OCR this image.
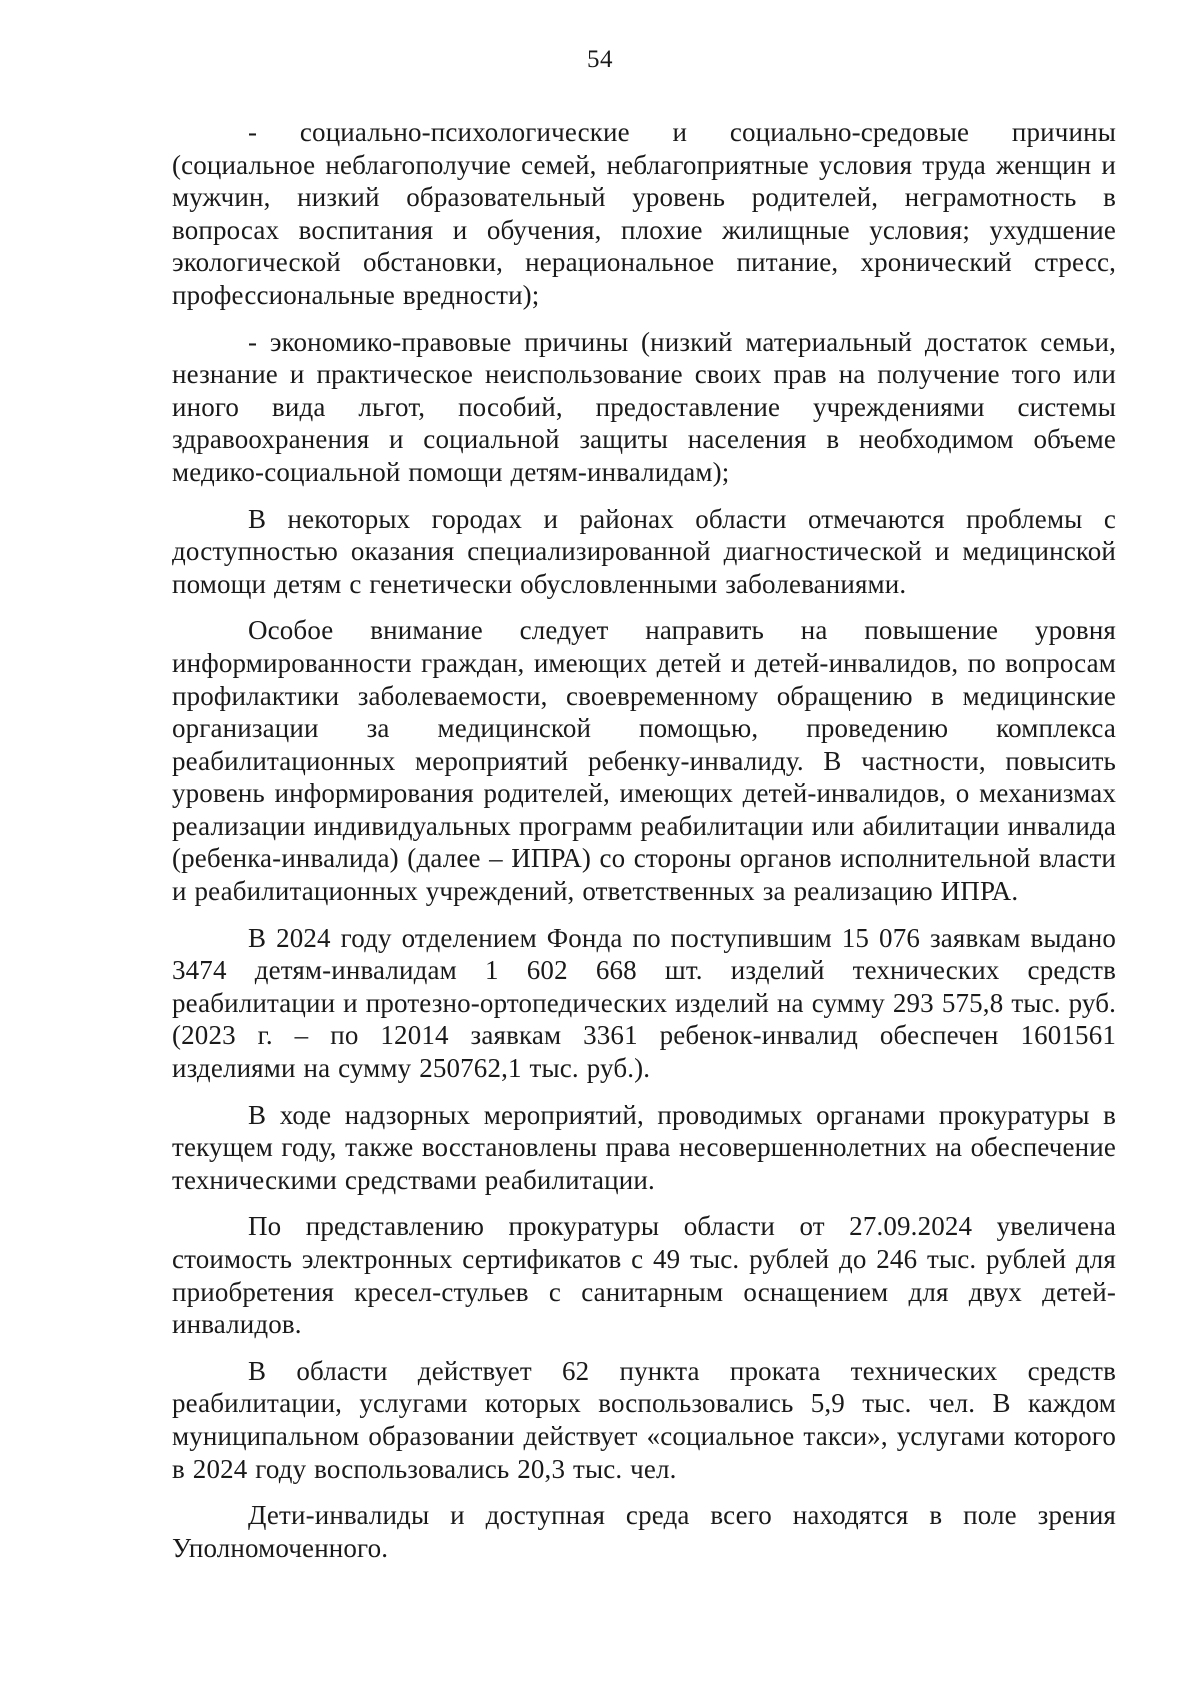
54

- социально-психологические и социально-средовые причины (социальное неблагополучие семей, неблагоприятные условия труда женщин и мужчин, низкий образовательный уровень родителей, неграмотность в вопросах воспитания и обучения, плохие жилищные условия; ухудшение экологической обстановки, нерациональное питание, хронический стресс, профессиональные вредности);

- экономико-правовые причины (низкий материальный достаток семьи, незнание и практическое неиспользование своих прав на получение того или иного вида льгот, пособий, предоставление учреждениями системы здравоохранения и социальной защиты населения в необходимом объеме медико-социальной помощи детям-инвалидам);

В некоторых городах и районах области отмечаются проблемы с доступностью оказания специализированной диагностической и медицинской помощи детям с генетически обусловленными заболеваниями.

Особое внимание следует направить на повышение уровня информированности граждан, имеющих детей и детей-инвалидов, по вопросам профилактики заболеваемости, своевременному обращению в медицинские организации за медицинской помощью, проведению комплекса реабилитационных мероприятий ребенку-инвалиду. В частности, повысить уровень информирования родителей, имеющих детей-инвалидов, о механизмах реализации индивидуальных программ реабилитации или абилитации инвалида (ребенка-инвалида) (далее – ИПРА) со стороны органов исполнительной власти и реабилитационных учреждений, ответственных за реализацию ИПРА.

В 2024 году отделением Фонда по поступившим 15 076 заявкам выдано 3474 детям-инвалидам 1 602 668 шт. изделий технических средств реабилитации и протезно-ортопедических изделий на сумму 293 575,8 тыс. руб. (2023 г. – по 12014 заявкам 3361 ребенок-инвалид обеспечен 1601561 изделиями на сумму 250762,1 тыс. руб.).

В ходе надзорных мероприятий, проводимых органами прокуратуры в текущем году, также восстановлены права несовершеннолетних на обеспечение техническими средствами реабилитации.

По представлению прокуратуры области от 27.09.2024 увеличена стоимость электронных сертификатов с 49 тыс. рублей до 246 тыс. рублей для приобретения кресел-стульев с санитарным оснащением для двух детей-инвалидов.

В области действует 62 пункта проката технических средств реабилитации, услугами которых воспользовались 5,9 тыс. чел. В каждом муниципальном образовании действует «социальное такси», услугами которого в 2024 году воспользовались 20,3 тыс. чел.

Дети-инвалиды и доступная среда всего находятся в поле зрения Уполномоченного.
